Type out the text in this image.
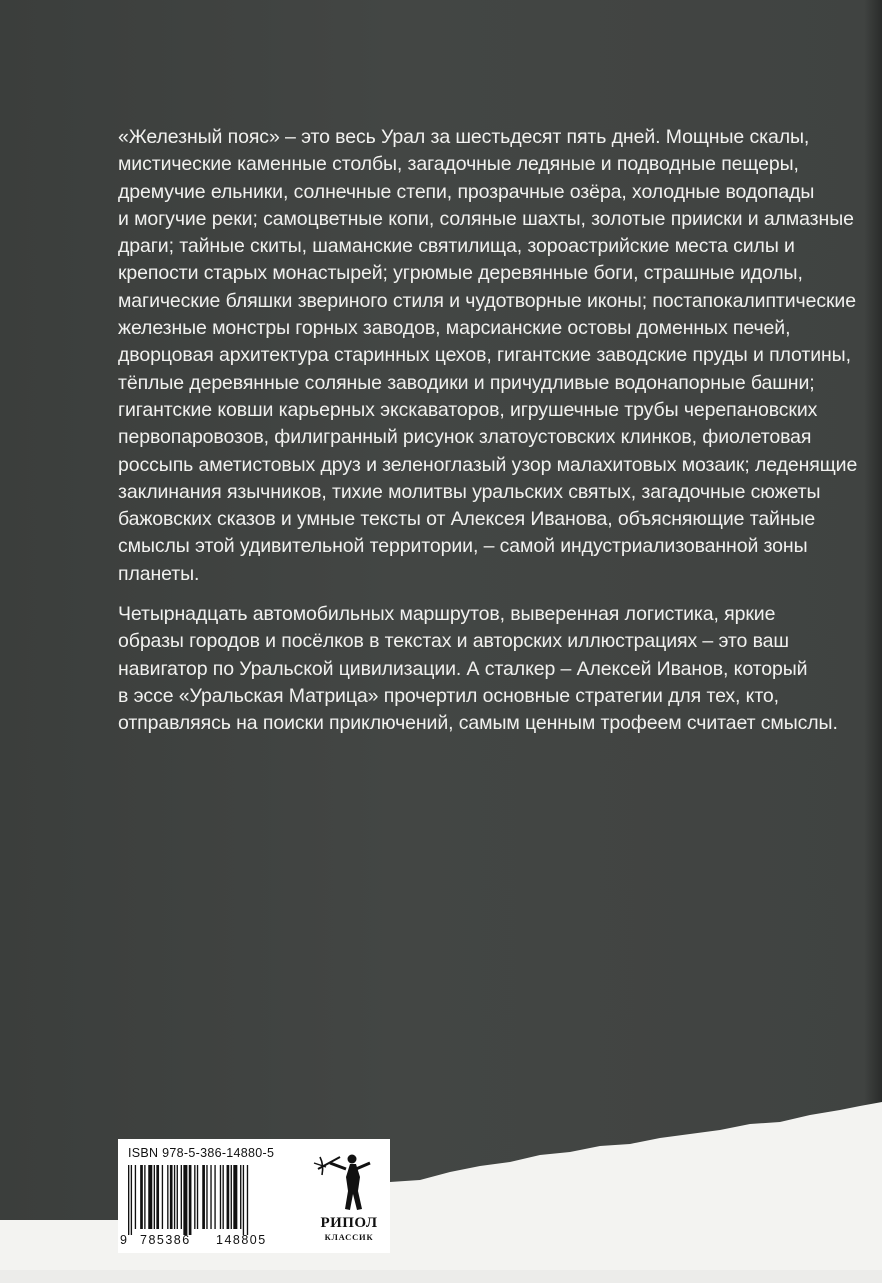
«Железный пояс» – это весь Урал за шестьдесят пять дней. Мощные скалы,
мистические каменные столбы, загадочные ледяные и подводные пещеры,
дремучие ельники, солнечные степи, прозрачные озёра, холодные водопады
и могучие реки; самоцветные копи, соляные шахты, золотые прииски и алмазные
драги; тайные скиты, шаманские святилища, зороастрийские места силы и
крепости старых монастырей; угрюмые деревянные боги, страшные идолы,
магические бляшки звериного стиля и чудотворные иконы; постапокалиптические
железные монстры горных заводов, марсианские остовы доменных печей,
дворцовая архитектура старинных цехов, гигантские заводские пруды и плотины,
тёплые деревянные соляные заводики и причудливые водонапорные башни;
гигантские ковши карьерных экскаваторов, игрушечные трубы черепановских
первопаровозов, филигранный рисунок златоустовских клинков, фиолетовая
россыпь аметистовых друз и зеленоглазый узор малахитовых мозаик; леденящие
заклинания язычников, тихие молитвы уральских святых, загадочные сюжеты
бажовских сказов и умные тексты от Алексея Иванова, объясняющие тайные
смыслы этой удивительной территории, – самой индустриализованной зоны
планеты.
Четырнадцать автомобильных маршрутов, выверенная логистика, яркие
образы городов и посёлков в текстах и авторских иллюстрациях – это ваш
навигатор по Уральской цивилизации. А сталкер – Алексей Иванов, который
в эссе «Уральская Матрица» прочертил основные стратегии для тех, кто,
отправляясь на поиски приключений, самым ценным трофеем считает смыслы.
ISBN 978-5-386-14880-5
9 785386 148805
РИПОЛ
КЛАССИК
